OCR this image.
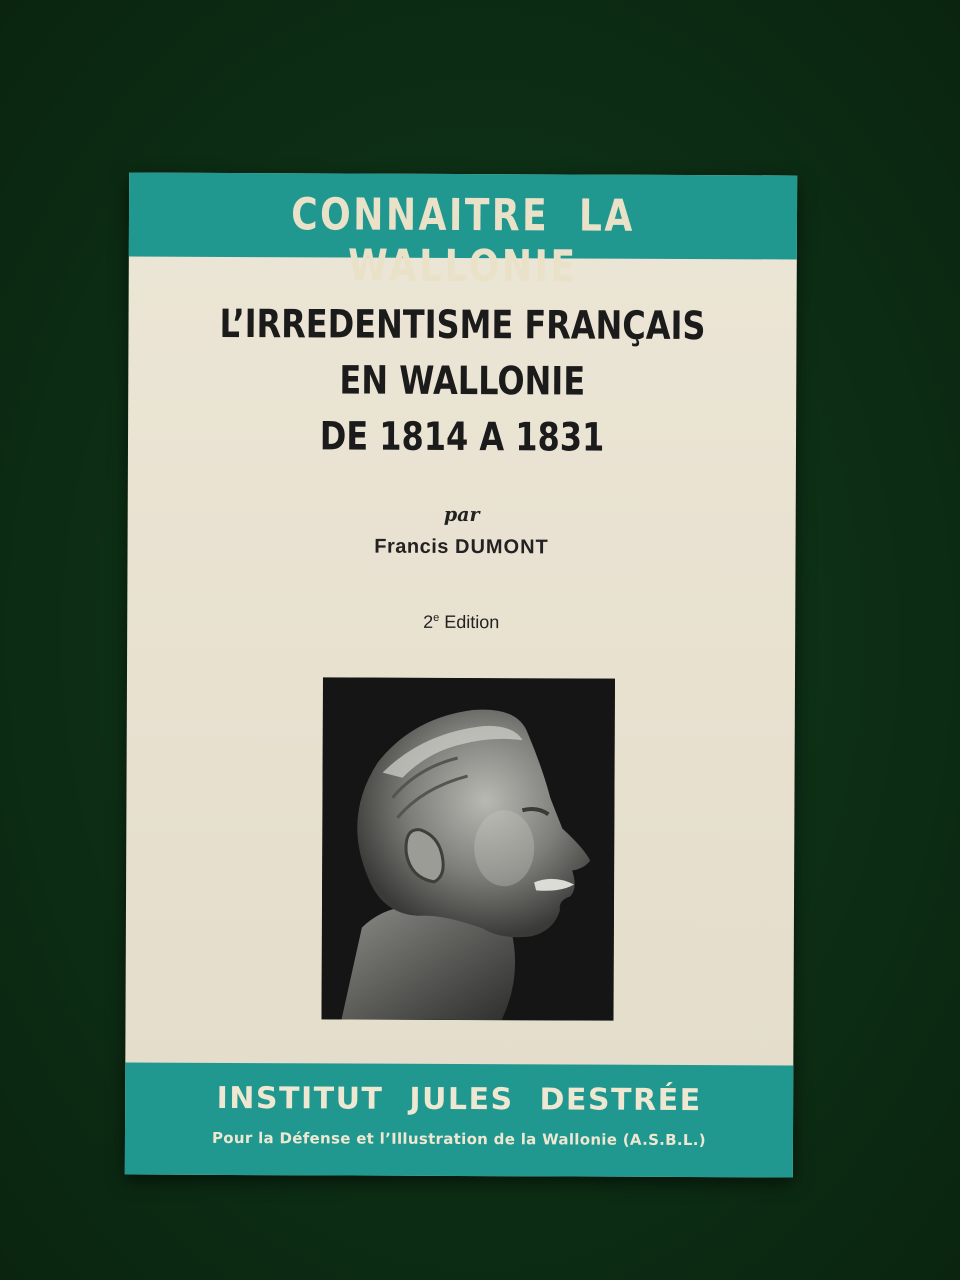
CONNAITRE LA WALLONIE
L’IRREDENTISME FRANÇAIS
EN WALLONIE
DE 1814 A 1831
par
Francis DUMONT
2e Edition
INSTITUT JULES DESTRÉE
Pour la Défense et l’Illustration de la Wallonie (A.S.B.L.)
